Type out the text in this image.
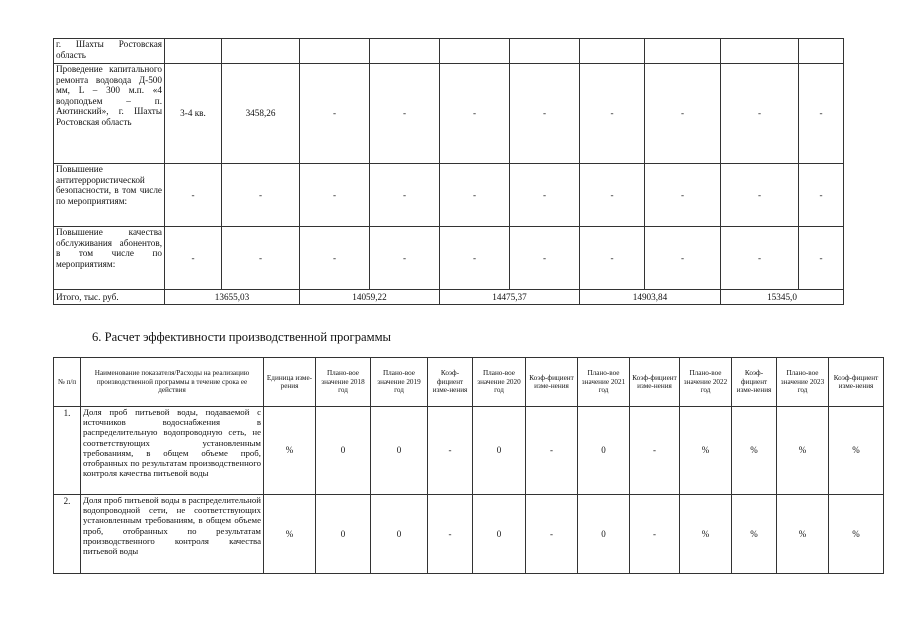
г. Шахты Ростовская область										
Проведение капитального ремонта водовода Д-500 мм, L – 300 м.п. «4 водоподъем – п. Аютинский», г. Шахты Ростовская область	3-4 кв.	3458,26	-	-	-	-	-	-	-	-
Повышение антитеррористической безопасности, в том числе по мероприятиям:	-	-	-	-	-	-	-	-	-	-
Повышение качества обслуживания абонентов, в том числе по мероприятиям:	-	-	-	-	-	-	-	-	-	-
Итого, тыс. руб.	13655,03		14059,22		14475,37		14903,84		15345,0	
6. Расчет эффективности производственной программы
№ п/п	Наименование показателя/Расходы на реализацию производственной программы в течение срока ее действия	Единица изме-рения	Плано-вое значение 2018 год	Плано-вое значение 2019 год	Коэф-фициент изме-нения	Плано-вое значение 2020 год	Коэф-фициент изме-нения	Плано-вое значение 2021 год	Коэф-фициент изме-нения	Плано-вое значение 2022 год	Коэф-фициент изме-нения	Плано-вое значение 2023 год	Коэф-фициент изме-нения
1.	Доля проб питьевой воды, подаваемой с источников водоснабжения в распределительную водопроводную сеть, не соответствующих установленным требованиям, в общем объеме проб, отобранных по результатам производственного контроля качества питьевой воды	%	0	0	-	0	-	0	-	%	%	%	%
2.	Доля проб питьевой воды в распределительной водопроводной сети, не соответствующих установленным требованиям, в общем объеме проб, отобранных по результатам производственного контроля качества питьевой воды	%	0	0	-	0	-	0	-	%	%	%	%
